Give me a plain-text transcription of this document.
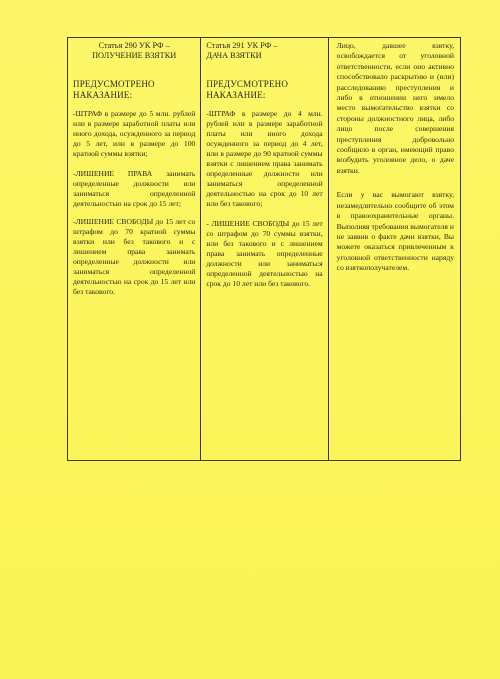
Статья 290 УК РФ –
ПОЛУЧЕНИЕ ВЗЯТКИ

ПРЕДУСМОТРЕНО НАКАЗАНИЕ:

-ШТРАФ в размере до 5 млн. рублей или в размере заработной платы или иного дохода, осужденного за период до 5 лет, или в размере до 100 кратной суммы взятки;

-ЛИШЕНИЕ ПРАВА занимать определенные должности или заниматься определенной деятельностью на срок до 15 лет;

-ЛИШЕНИЕ СВОБОДЫ до 15 лет со штрафом до 70 кратной суммы взятки или без такового и с лишением права занимать определенные должности или заниматься определенной деятельностью на срок до 15 лет или без такового.

Статья 291 УК РФ –
ДАЧА ВЗЯТКИ

ПРЕДУСМОТРЕНО НАКАЗАНИЕ:

-ШТРАФ в размере до 4 млн. рублей или в размере заработной платы или иного дохода осужденного за период до 4 лет, или в размере до 90 кратной суммы взятки с лишением права занимать определенные должности или заниматься определенной деятельностью на срок до 10 лет или без такового;

- ЛИШЕНИЕ СВОБОДЫ до 15 лет со штрафом до 70 суммы взятки, или без такового и с лишением права занимать определенные должности или заниматься определенной деятельностью на срок до 10 лет или без такового.

Лицо, давшее взятку, освобождается от уголовной ответственности, если оно активно способствовало раскрытию и (или) расследованию преступления и либо в отношении него имело место вымогательство взятки со стороны должностного лица, либо лицо после совершения преступления добровольно сообщило в орган, имеющий право возбудить уголовное дело, о даче взятки.

Если у вас вымогают взятку, незамедлительно сообщите об этом в правоохранительные органы. Выполняя требования вымогателя и не заявив о факте дачи взятки, Вы можете оказаться привлеченным к уголовной ответственности наряду со взяткополучателем.
